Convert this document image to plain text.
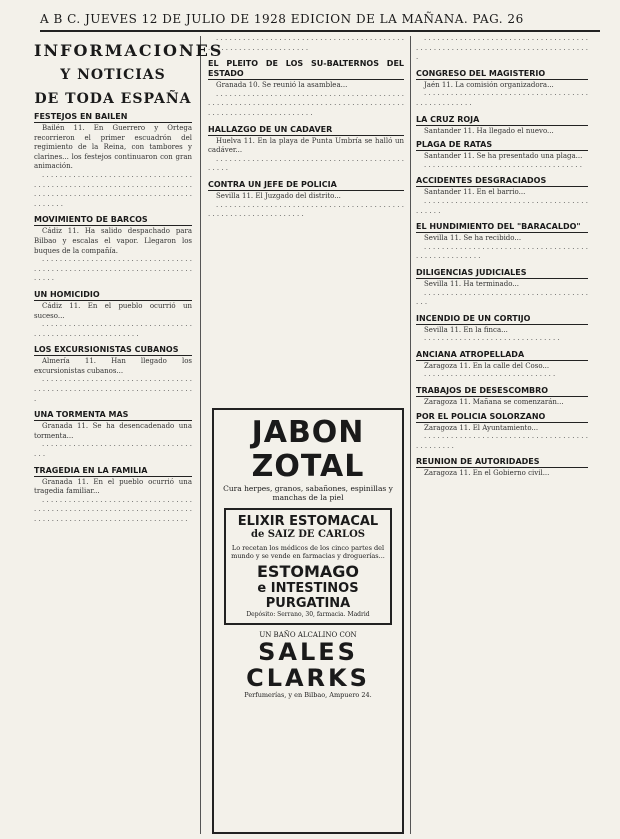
A B C. JUEVES 12 DE JULIO DE 1928 EDICION DE LA MAÑANA. PAG. 26
INFORMACIONES
Y NOTICIAS
DE TODA ESPAÑA
FESTEJOS EN BAILEN
Bailén 11. En Guerrero y Ortega recorrieron el primer escuadrón del regimiento de la Reina, con tambores y clarines... los festejos continuaron con gran animación.
· · · · · · · · · · · · · · · · · · · · · · · · · · · · · · · · · · · · · · · · · · · · · · · · · · · · · · · · · · · · · · · · · · · · · · · · · · · · · · · · · · · · · · · · · · · · · · · · · · · · · · · · · · · · · · · · ·
MOVIMIENTO DE BARCOS
Cádiz 11. Ha salido despachado para Bilbao y escalas el vapor. Llegaron los buques de la compañía.
· · · · · · · · · · · · · · · · · · · · · · · · · · · · · · · · · · · · · · · · · · · · · · · · · · · · · · · · · · · · · · · · · · · · · · · · · · ·
UN HOMICIDIO
Cádiz 11. En el pueblo ocurrió un suceso...
· · · · · · · · · · · · · · · · · · · · · · · · · · · · · · · · · · · · · · · · · · · · · · · · · · · · · · · · · ·
LOS EXCURSIONISTAS CUBANOS
Almería 11. Han llegado los excursionistas cubanos...
· · · · · · · · · · · · · · · · · · · · · · · · · · · · · · · · · · · · · · · · · · · · · · · · · · · · · · · · · · · · · · · · · · · · · · ·
UNA TORMENTA MAS
Granada 11. Se ha desencadenado una tormenta...
· · · · · · · · · · · · · · · · · · · · · · · · · · · · · · · · · · · · ·
TRAGEDIA EN LA FAMILIA
Granada 11. En el pueblo ocurrió una tragedia familiar...
· · · · · · · · · · · · · · · · · · · · · · · · · · · · · · · · · · · · · · · · · · · · · · · · · · · · · · · · · · · · · · · · · · · · · · · · · · · · · · · · · · · · · · · · · · · · · · · · · · · · · · · · ·
· · · · · · · · · · · · · · · · · · · · · · · · · · · · · · · · · · · · · · · · · · · · · · · · · · · · · · · · · · · · · · · · ·
EL PLEITO DE LOS SU-BALTERNOS DEL ESTADO
Granada 10. Se reunió la asamblea...
· · · · · · · · · · · · · · · · · · · · · · · · · · · · · · · · · · · · · · · · · · · · · · · · · · · · · · · · · · · · · · · · · · · · · · · · · · · · · · · · · · · · · · · · · · · · · · · · · · · · · · · · · · · · · ·
HALLAZGO DE UN CADAVER
Huelva 11. En la playa de Punta Umbría se halló un cadáver...
· · · · · · · · · · · · · · · · · · · · · · · · · · · · · · · · · · · · · · · · · · · · · · ·
CONTRA UN JEFE DE POLICIA
Sevilla 11. El Juzgado del distrito...
· · · · · · · · · · · · · · · · · · · · · · · · · · · · · · · · · · · · · · · · · · · · · · · · · · · · · · · · · · · · · · · ·
JABON ZOTAL
Cura herpes, granos, sabañones, espinillas y manchas de la piel
ELIXIR ESTOMACAL
de SAIZ DE CARLOS
Lo recetan los médicos de los cinco partes del mundo y se vende en farmacias y droguerías...
ESTOMAGO
e INTESTINOS
PURGATINA
Depósito: Serrano, 30, farmacia. Madrid
UN BAÑO ALCALINO CON
SALES CLARKS
Perfumerías, y en Bilbao, Ampuero 24.
· · · · · · · · · · · · · · · · · · · · · · · · · · · · · · · · · · · · · · · · · · · · · · · · · · · · · · · · · · · · · · · · · · · · · · · · · · · · ·
CONGRESO DEL MAGISTERIO
Jaén 11. La comisión organizadora...
· · · · · · · · · · · · · · · · · · · · · · · · · · · · · · · · · · · · · · · · · · · · · · · · · ·
LA CRUZ ROJA
Santander 11. Ha llegado el nuevo...
PLAGA DE RATAS
Santander 11. Se ha presentado una plaga...
· · · · · · · · · · · · · · · · · · · · · · · · · · · · · · · · · · · ·
ACCIDENTES DESGRACIADOS
Santander 11. En el barrio...
· · · · · · · · · · · · · · · · · · · · · · · · · · · · · · · · · · · · · · · · · · ·
EL HUNDIMIENTO DEL "BARACALDO"
Sevilla 11. Se ha recibido...
· · · · · · · · · · · · · · · · · · · · · · · · · · · · · · · · · · · · · · · · · · · · · · · · · · · ·
DILIGENCIAS JUDICIALES
Sevilla 11. Ha terminado...
· · · · · · · · · · · · · · · · · · · · · · · · · · · · · · · · · · · · · · · ·
INCENDIO DE UN CORTIJO
Sevilla 11. En la finca...
· · · · · · · · · · · · · · · · · · · · · · · · · · · · · · ·
ANCIANA ATROPELLADA
Zaragoza 11. En la calle del Coso...
· · · · · · · · · · · · · · · · · · · · · · · · · · · · · ·
TRABAJOS DE DESESCOMBRO
Zaragoza 11. Mañana se comenzarán...
POR EL POLICIA SOLORZANO
Zaragoza 11. El Ayuntamiento...
· · · · · · · · · · · · · · · · · · · · · · · · · · · · · · · · · · · · · · · · · · · · · ·
REUNION DE AUTORIDADES
Zaragoza 11. En el Gobierno civil...
